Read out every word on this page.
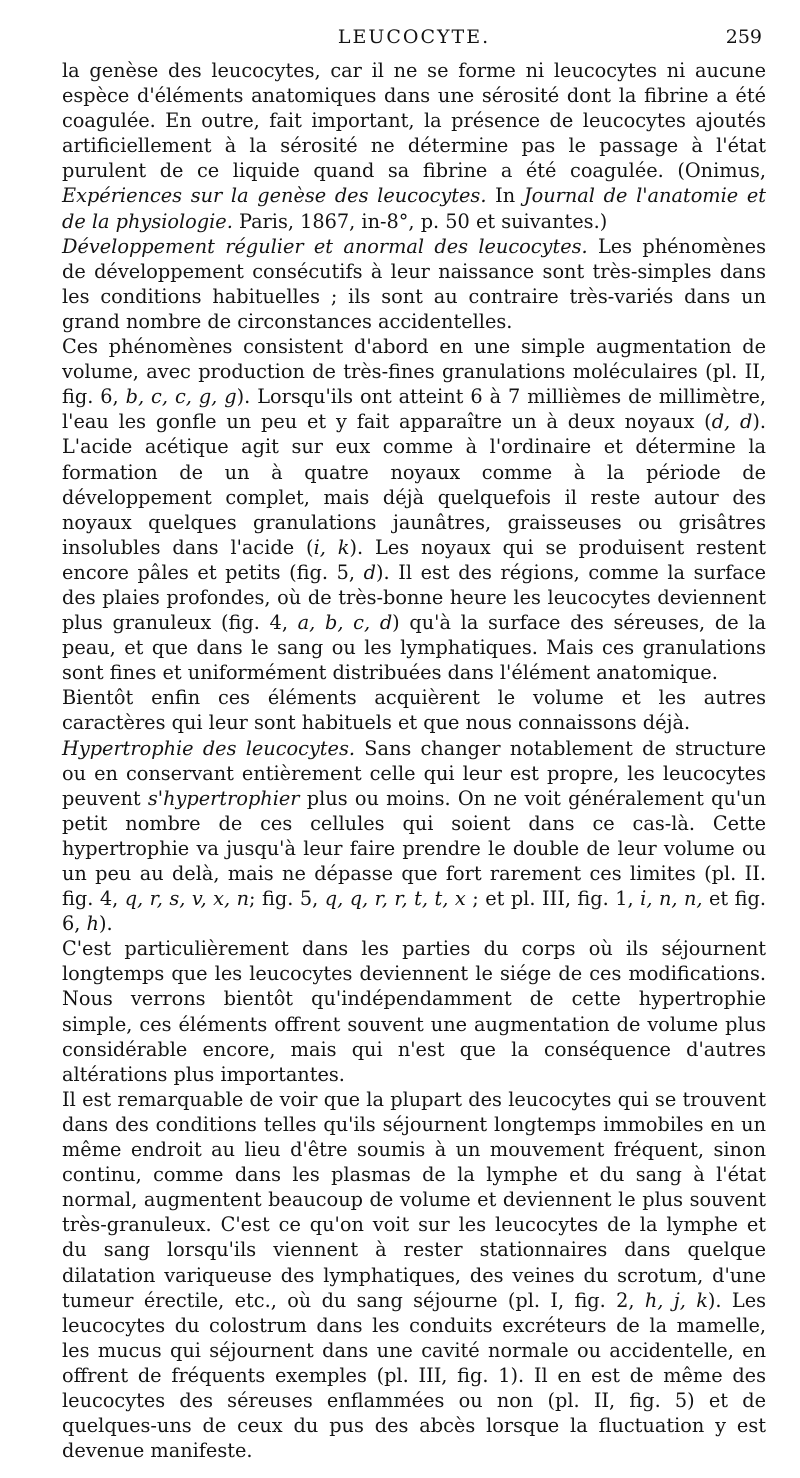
LEUCOCYTE.	259

la genèse des leucocytes, car il ne se forme ni leucocytes ni aucune espèce d'éléments anatomiques dans une sérosité dont la fibrine a été coagulée. En outre, fait important, la présence de leucocytes ajoutés artificiellement à la sérosité ne détermine pas le passage à l'état purulent de ce liquide quand sa fibrine a été coagulée. (Onimus, Expériences sur la genèse des leucocytes. In Journal de l'anatomie et de la physiologie. Paris, 1867, in-8°, p. 50 et suivantes.)

Développement régulier et anormal des leucocytes. Les phénomènes de développement consécutifs à leur naissance sont très-simples dans les conditions habituelles ; ils sont au contraire très-variés dans un grand nombre de circonstances accidentelles.

Ces phénomènes consistent d'abord en une simple augmentation de volume, avec production de très-fines granulations moléculaires (pl. II, fig. 6, b, c, c, g, g). Lorsqu'ils ont atteint 6 à 7 millièmes de millimètre, l'eau les gonfle un peu et y fait apparaître un à deux noyaux (d, d). L'acide acétique agit sur eux comme à l'ordinaire et détermine la formation de un à quatre noyaux comme à la période de développement complet, mais déjà quelquefois il reste autour des noyaux quelques granulations jaunâtres, graisseuses ou grisâtres insolubles dans l'acide (i, k). Les noyaux qui se produisent restent encore pâles et petits (fig. 5, d). Il est des régions, comme la surface des plaies profondes, où de très-bonne heure les leucocytes deviennent plus granuleux (fig. 4, a, b, c, d) qu'à la surface des séreuses, de la peau, et que dans le sang ou les lymphatiques. Mais ces granulations sont fines et uniformément distribuées dans l'élément anatomique.

Bientôt enfin ces éléments acquièrent le volume et les autres caractères qui leur sont habituels et que nous connaissons déjà.

Hypertrophie des leucocytes. Sans changer notablement de structure ou en conservant entièrement celle qui leur est propre, les leucocytes peuvent s'hypertrophier plus ou moins. On ne voit généralement qu'un petit nombre de ces cellules qui soient dans ce cas-là. Cette hypertrophie va jusqu'à leur faire prendre le double de leur volume ou un peu au delà, mais ne dépasse que fort rarement ces limites (pl. II. fig. 4, q, r, s, v, x, n; fig. 5, q, q, r, r, t, t, x ; et pl. III, fig. 1, i, n, n, et fig. 6, h).

C'est particulièrement dans les parties du corps où ils séjournent longtemps que les leucocytes deviennent le siége de ces modifications. Nous verrons bientôt qu'indépendamment de cette hypertrophie simple, ces éléments offrent souvent une augmentation de volume plus considérable encore, mais qui n'est que la conséquence d'autres altérations plus importantes.

Il est remarquable de voir que la plupart des leucocytes qui se trouvent dans des conditions telles qu'ils séjournent longtemps immobiles en un même endroit au lieu d'être soumis à un mouvement fréquent, sinon continu, comme dans les plasmas de la lymphe et du sang à l'état normal, augmentent beaucoup de volume et deviennent le plus souvent très-granuleux. C'est ce qu'on voit sur les leucocytes de la lymphe et du sang lorsqu'ils viennent à rester stationnaires dans quelque dilatation variqueuse des lymphatiques, des veines du scrotum, d'une tumeur érectile, etc., où du sang séjourne (pl. I, fig. 2, h, j, k). Les leucocytes du colostrum dans les conduits excréteurs de la mamelle, les mucus qui séjournent dans une cavité normale ou accidentelle, en offrent de fréquents exemples (pl. III, fig. 1). Il en est de même des leucocytes des séreuses enflammées ou non (pl. II, fig. 5) et de quelques-uns de ceux du pus des abcès lorsque la fluctuation y est devenue manifeste.
